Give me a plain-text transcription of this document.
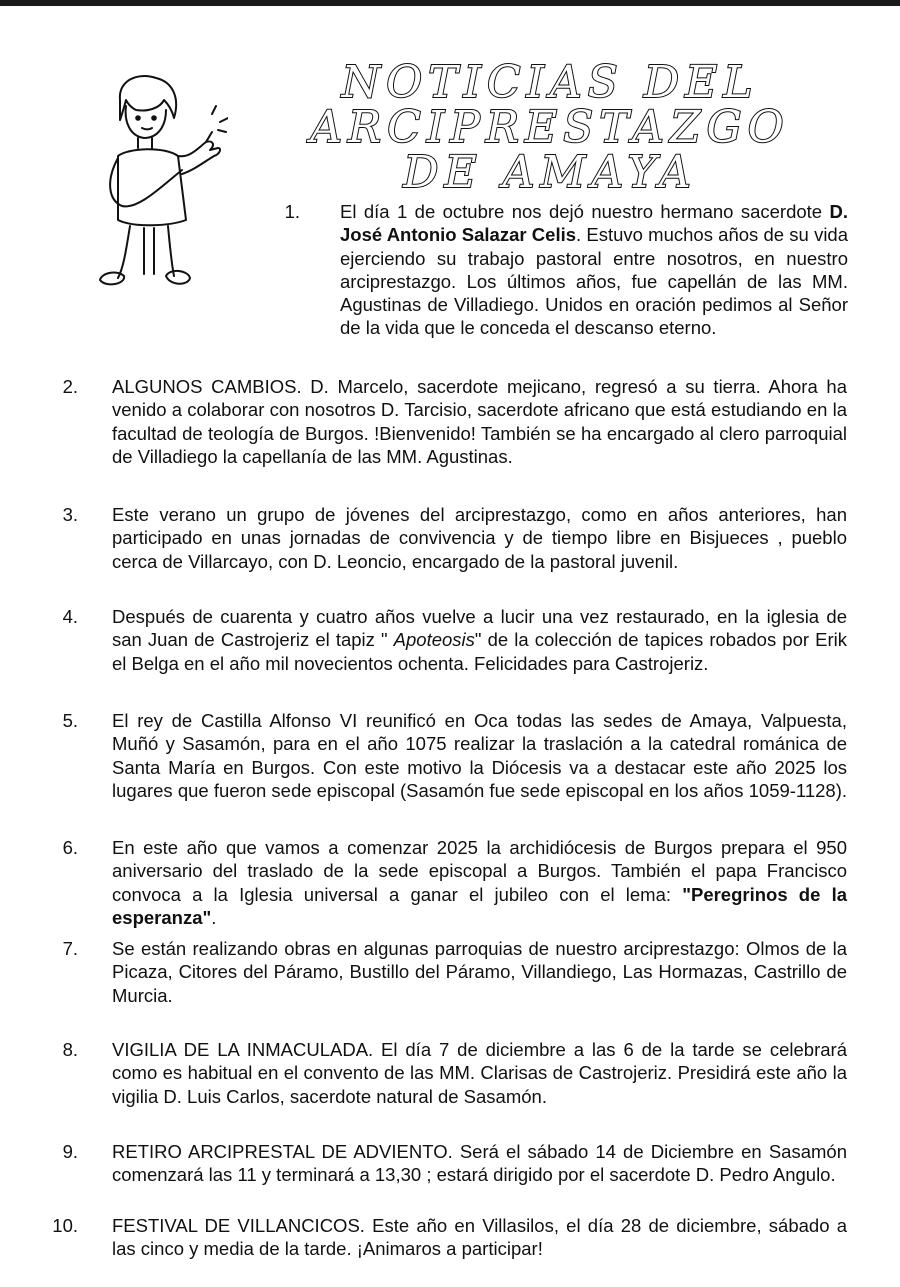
NOTICIAS DEL
ARCIPRESTAZGO
DE AMAYA
1. El día 1 de octubre nos dejó nuestro hermano sacerdote D. José Antonio Salazar Celis. Estuvo muchos años de su vida ejerciendo su trabajo pastoral entre nosotros, en nuestro arciprestazgo. Los últimos años, fue capellán de las MM. Agustinas de Villadiego. Unidos en oración pedimos al Señor de la vida que le conceda el descanso eterno.
2. ALGUNOS CAMBIOS. D. Marcelo, sacerdote mejicano, regresó a su tierra. Ahora ha venido a colaborar con nosotros D. Tarcisio, sacerdote africano que está estudiando en la facultad de teología de Burgos. !Bienvenido! También se ha encargado al clero parroquial de Villadiego la capellanía de las MM. Agustinas.
3. Este verano un grupo de jóvenes del arciprestazgo, como en años anteriores, han participado en unas jornadas de convivencia y de tiempo libre en Bisjueces , pueblo cerca de Villarcayo, con D. Leoncio, encargado de la pastoral juvenil.
4. Después de cuarenta y cuatro años vuelve a lucir una vez restaurado, en la iglesia de san Juan de Castrojeriz el tapiz " Apoteosis" de la colección de tapices robados por Erik el Belga en el año mil novecientos ochenta. Felicidades para Castrojeriz.
5. El rey de Castilla Alfonso VI reunificó en Oca todas las sedes de Amaya, Valpuesta, Muñó y Sasamón, para en el año 1075 realizar la traslación a la catedral románica de Santa María en Burgos. Con este motivo la Diócesis va a destacar este año 2025 los lugares que fueron sede episcopal (Sasamón fue sede episcopal en los años 1059-1128).
6. En este año que vamos a comenzar 2025 la archidiócesis de Burgos prepara el 950 aniversario del traslado de la sede episcopal a Burgos. También el papa Francisco convoca a la Iglesia universal a ganar el jubileo con el lema: "Peregrinos de la esperanza".
7. Se están realizando obras en algunas parroquias de nuestro arciprestazgo: Olmos de la Picaza, Citores del Páramo, Bustillo del Páramo, Villandiego, Las Hormazas, Castrillo de Murcia.
8. VIGILIA DE LA INMACULADA. El día 7 de diciembre a las 6 de la tarde se celebrará como es habitual en el convento de las MM. Clarisas de Castrojeriz. Presidirá este año la vigilia D. Luis Carlos, sacerdote natural de Sasamón.
9. RETIRO ARCIPRESTAL DE ADVIENTO. Será el sábado 14 de Diciembre en Sasamón comenzará las 11 y terminará a 13,30 ; estará dirigido por el sacerdote D. Pedro Angulo.
10. FESTIVAL DE VILLANCICOS. Este año en Villasilos, el día 28 de diciembre, sábado a las cinco y media de la tarde. ¡Animaros a participar!
